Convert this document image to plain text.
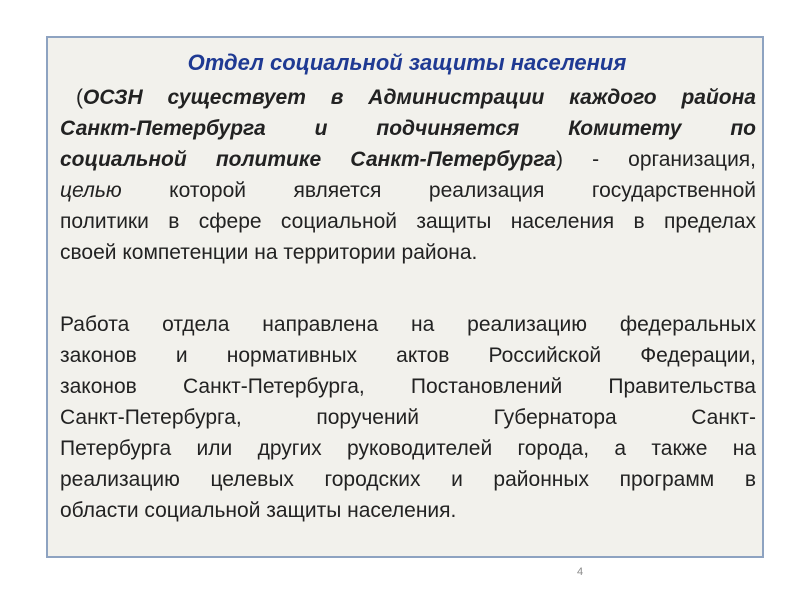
Отдел социальной защиты населения
(ОСЗН существует в Администрации каждого района
Санкт-Петербурга и подчиняется Комитету по
социальной политике Санкт-Петербурга) - организация,
целью которой является реализация государственной
политики в сфере социальной защиты населения в пределах
своей компетенции на территории района.
Работа отдела направлена на реализацию федеральных
законов и нормативных актов Российской Федерации,
законов Санкт-Петербурга, Постановлений Правительства
Санкт-Петербурга, поручений Губернатора Санкт-
Петербурга или других руководителей города, а также на
реализацию целевых городских и районных программ в
области социальной защиты населения.
4
